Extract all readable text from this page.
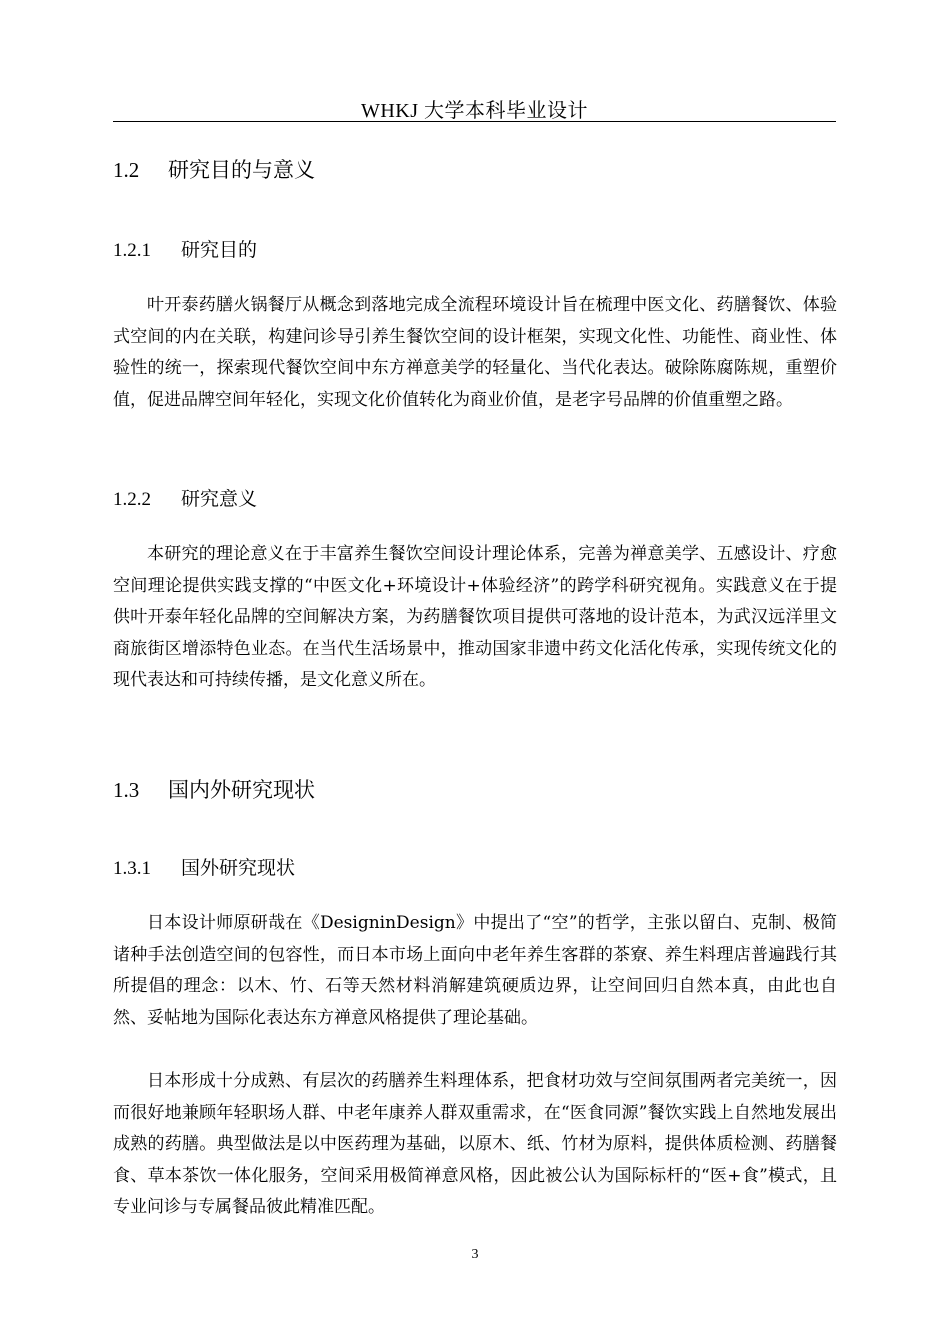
WHKJ 大学本科毕业设计
1.2 研究目的与意义
1.2.1 研究目的

叶开泰药膳火锅餐厅从概念到落地完成全流程环境设计旨在梳理中医文化、药膳餐饮、体验式空间的内在关联，构建问诊导引养生餐饮空间的设计框架，实现文化性、功能性、商业性、体验性的统一，探索现代餐饮空间中东方禅意美学的轻量化、当代化表达。破除陈腐陈规，重塑价值，促进品牌空间年轻化，实现文化价值转化为商业价值，是老字号品牌的价值重塑之路。

1.2.2 研究意义

本研究的理论意义在于丰富养生餐饮空间设计理论体系，完善为禅意美学、五感设计、疗愈空间理论提供实践支撑的“中医文化+环境设计+体验经济”的跨学科研究视角。实践意义在于提供叶开泰年轻化品牌的空间解决方案，为药膳餐饮项目提供可落地的设计范本，为武汉远洋里文商旅街区增添特色业态。在当代生活场景中，推动国家非遗中药文化活化传承，实现传统文化的现代表达和可持续传播，是文化意义所在。

1.3 国内外研究现状
1.3.1 国外研究现状

日本设计师原研哉在《DesigninDesign》中提出了“空”的哲学，主张以留白、克制、极简诸种手法创造空间的包容性，而日本市场上面向中老年养生客群的茶寮、养生料理店普遍践行其所提倡的理念：以木、竹、石等天然材料消解建筑硬质边界，让空间回归自然本真，由此也自然、妥帖地为国际化表达东方禅意风格提供了理论基础。

日本形成十分成熟、有层次的药膳养生料理体系，把食材功效与空间氛围两者完美统一，因而很好地兼顾年轻职场人群、中老年康养人群双重需求，在“医食同源”餐饮实践上自然地发展出成熟的药膳。典型做法是以中医药理为基础，以原木、纸、竹材为原料，提供体质检测、药膳餐食、草本茶饮一体化服务，空间采用极简禅意风格，因此被公认为国际标杆的“医+食”模式，且专业问诊与专属餐品彼此精准匹配。

3
